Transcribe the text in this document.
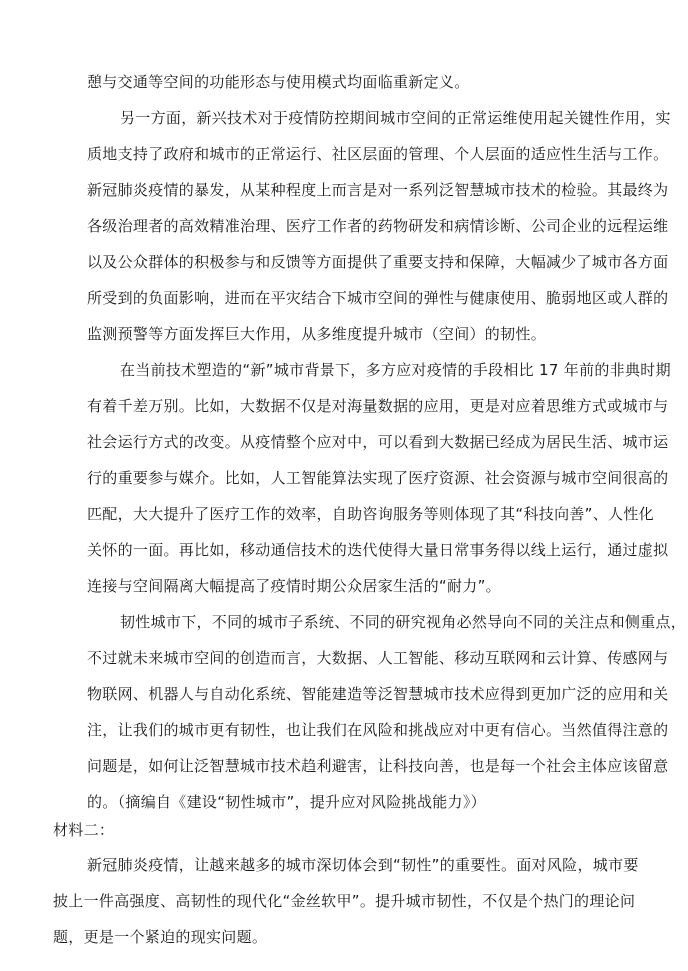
憩与交通等空间的功能形态与使用模式均面临重新定义。
另一方面，新兴技术对于疫情防控期间城市空间的正常运维使用起关键性作用，实
质地支持了政府和城市的正常运行、社区层面的管理、个人层面的适应性生活与工作。
新冠肺炎疫情的暴发，从某种程度上而言是对一系列泛智慧城市技术的检验。其最终为
各级治理者的高效精准治理、医疗工作者的药物研发和病情诊断、公司企业的远程运维
以及公众群体的积极参与和反馈等方面提供了重要支持和保障，大幅减少了城市各方面
所受到的负面影响，进而在平灾结合下城市空间的弹性与健康使用、脆弱地区或人群的
监测预警等方面发挥巨大作用，从多维度提升城市（空间）的韧性。
在当前技术塑造的“新”城市背景下，多方应对疫情的手段相比 17 年前的非典时期
有着千差万别。比如，大数据不仅是对海量数据的应用，更是对应着思维方式或城市与
社会运行方式的改变。从疫情整个应对中，可以看到大数据已经成为居民生活、城市运
行的重要参与媒介。比如，人工智能算法实现了医疗资源、社会资源与城市空间很高的
匹配，大大提升了医疗工作的效率，自助咨询服务等则体现了其“科技向善”、人性化
关怀的一面。再比如，移动通信技术的迭代使得大量日常事务得以线上运行，通过虚拟
连接与空间隔离大幅提高了疫情时期公众居家生活的“耐力”。
韧性城市下，不同的城市子系统、不同的研究视角必然导向不同的关注点和侧重点，
不过就未来城市空间的创造而言，大数据、人工智能、移动互联网和云计算、传感网与
物联网、机器人与自动化系统、智能建造等泛智慧城市技术应得到更加广泛的应用和关
注，让我们的城市更有韧性，也让我们在风险和挑战应对中更有信心。当然值得注意的
问题是，如何让泛智慧城市技术趋利避害，让科技向善，也是每一个社会主体应该留意
的。（摘编自《建设“韧性城市”，提升应对风险挑战能力》）
材料二：
新冠肺炎疫情，让越来越多的城市深切体会到“韧性”的重要性。面对风险，城市要
披上一件高强度、高韧性的现代化“金丝软甲”。提升城市韧性，不仅是个热门的理论问
题，更是一个紧迫的现实问题。
